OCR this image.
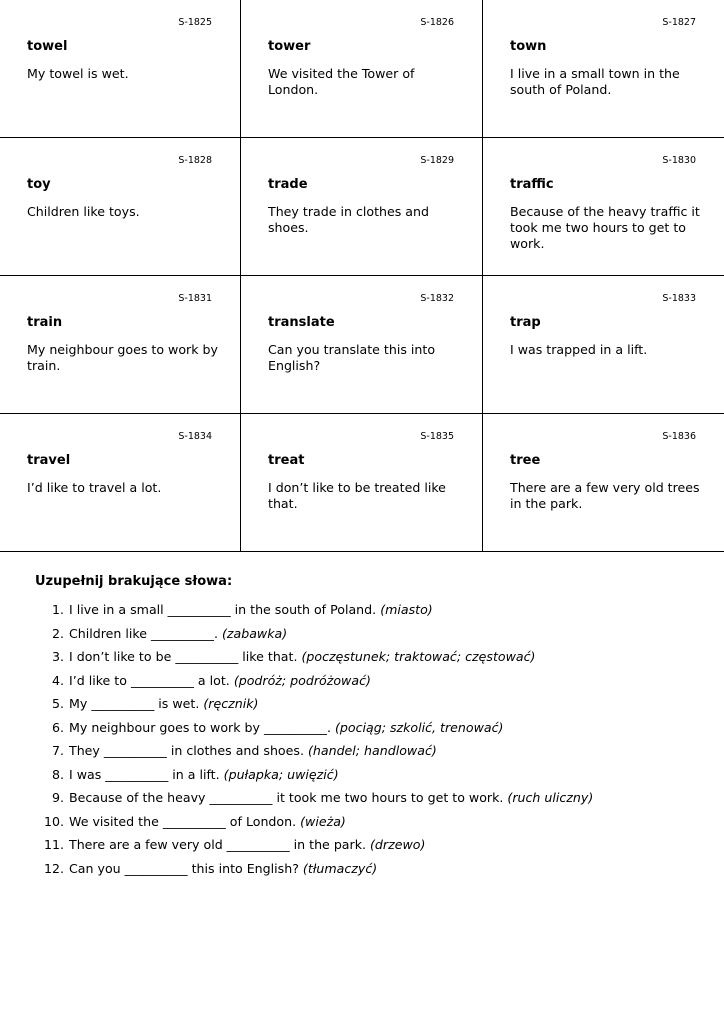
S-1825
towel
My towel is wet.
S-1826
tower
We visited the Tower of London.
S-1827
town
I live in a small town in the south of Poland.
S-1828
toy
Children like toys.
S-1829
trade
They trade in clothes and shoes.
S-1830
traffic
Because of the heavy traffic it took me two hours to get to work.
S-1831
train
My neighbour goes to work by train.
S-1832
translate
Can you translate this into English?
S-1833
trap
I was trapped in a lift.
S-1834
travel
I’d like to travel a lot.
S-1835
treat
I don’t like to be treated like that.
S-1836
tree
There are a few very old trees in the park.
Uzupełnij brakujące słowa:
1. I live in a small __________ in the south of Poland. (miasto)
2. Children like __________. (zabawka)
3. I don’t like to be __________ like that. (poczęstunek; traktować; częstować)
4. I’d like to __________ a lot. (podróż; podróżować)
5. My __________ is wet. (ręcznik)
6. My neighbour goes to work by __________. (pociąg; szkolić, trenować)
7. They __________ in clothes and shoes. (handel; handlować)
8. I was __________ in a lift. (pułapka; uwięzić)
9. Because of the heavy __________ it took me two hours to get to work. (ruch uliczny)
10. We visited the __________ of London. (wieża)
11. There are a few very old __________ in the park. (drzewo)
12. Can you __________ this into English? (tłumaczyć)
